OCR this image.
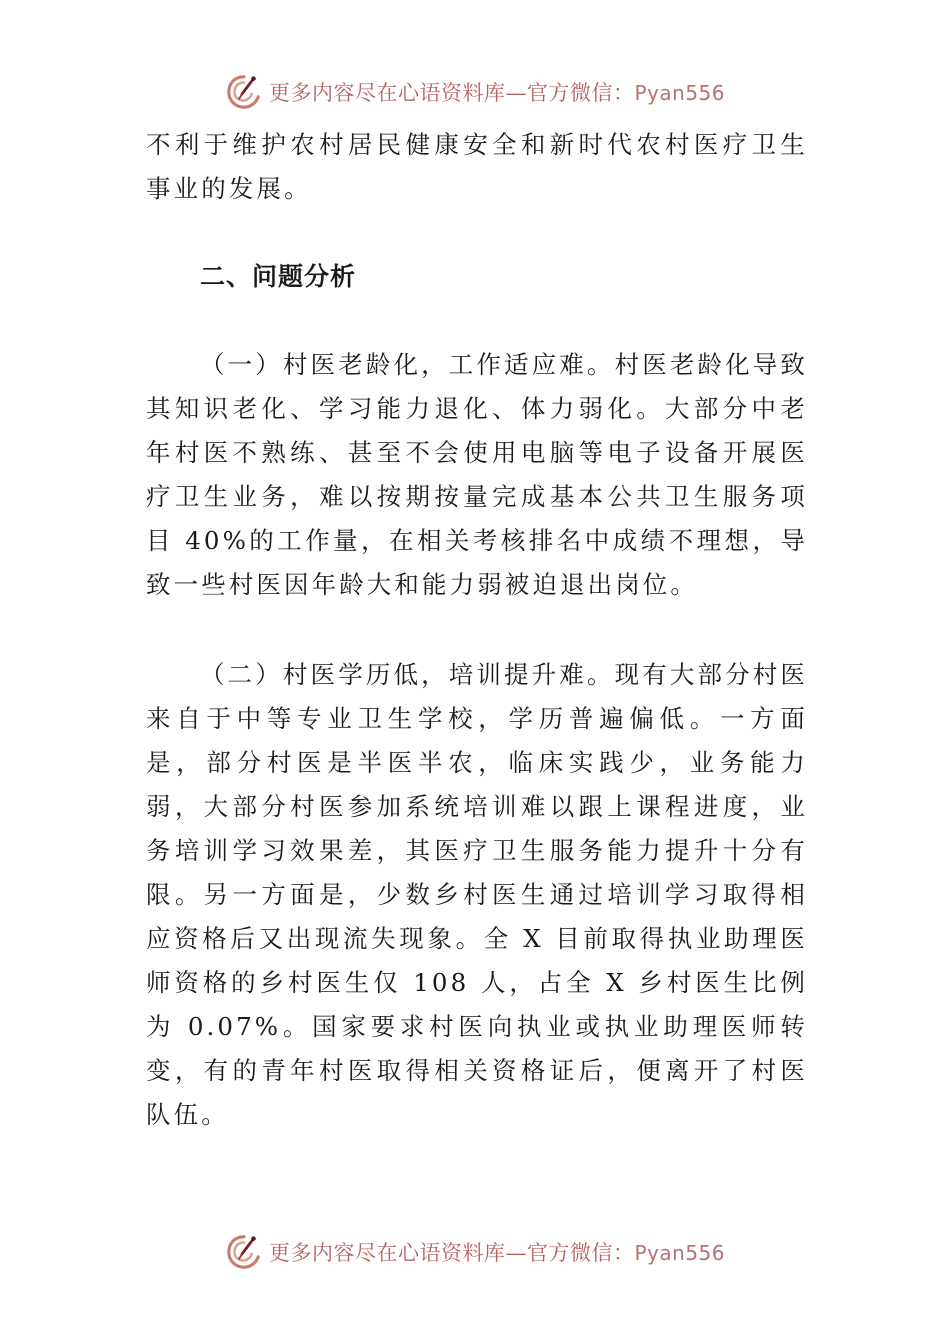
更多内容尽在心语资料库—官方微信：Pyan556

不利于维护农村居民健康安全和新时代农村医疗卫生事业的发展。

二、问题分析

（一）村医老龄化，工作适应难。村医老龄化导致其知识老化、学习能力退化、体力弱化。大部分中老年村医不熟练、甚至不会使用电脑等电子设备开展医疗卫生业务，难以按期按量完成基本公共卫生服务项目 40%的工作量，在相关考核排名中成绩不理想，导致一些村医因年龄大和能力弱被迫退出岗位。

（二）村医学历低，培训提升难。现有大部分村医来自于中等专业卫生学校，学历普遍偏低。一方面是，部分村医是半医半农，临床实践少，业务能力弱，大部分村医参加系统培训难以跟上课程进度，业务培训学习效果差，其医疗卫生服务能力提升十分有限。另一方面是，少数乡村医生通过培训学习取得相应资格后又出现流失现象。全 X 目前取得执业助理医师资格的乡村医生仅 108 人，占全 X 乡村医生比例为 0.07%。国家要求村医向执业或执业助理医师转变，有的青年村医取得相关资格证后，便离开了村医队伍。

更多内容尽在心语资料库—官方微信：Pyan556
